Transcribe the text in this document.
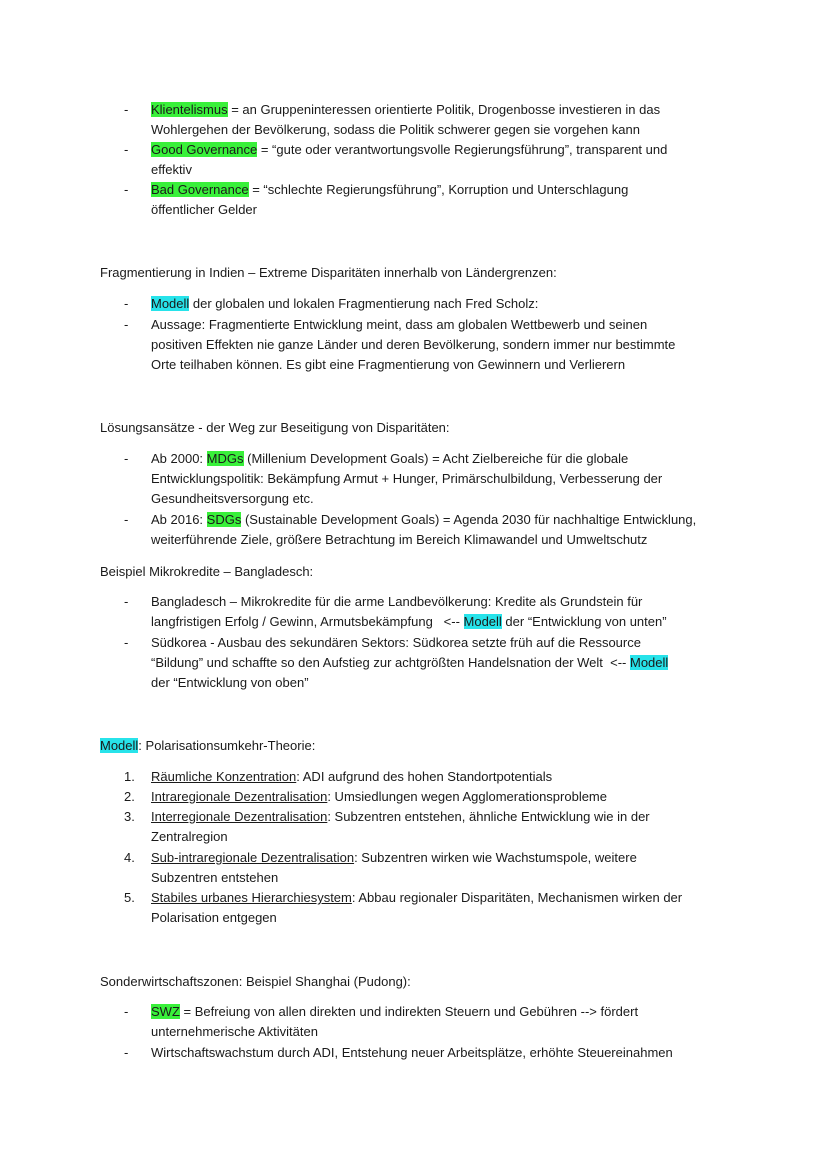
-	Klientelismus = an Gruppeninteressen orientierte Politik, Drogenbosse investieren in das
Wohlergehen der Bevölkerung, sodass die Politik schwerer gegen sie vorgehen kann
-	Good Governance = “gute oder verantwortungsvolle Regierungsführung”, transparent und
effektiv
-	Bad Governance = “schlechte Regierungsführung”, Korruption und Unterschlagung
öffentlicher Gelder
Fragmentierung in Indien – Extreme Disparitäten innerhalb von Ländergrenzen:
-	Modell der globalen und lokalen Fragmentierung nach Fred Scholz:
-	Aussage: Fragmentierte Entwicklung meint, dass am globalen Wettbewerb und seinen
positiven Effekten nie ganze Länder und deren Bevölkerung, sondern immer nur bestimmte
Orte teilhaben können. Es gibt eine Fragmentierung von Gewinnern und Verlierern
Lösungsansätze - der Weg zur Beseitigung von Disparitäten:
-	Ab 2000: MDGs (Millenium Development Goals) = Acht Zielbereiche für die globale
Entwicklungspolitik: Bekämpfung Armut + Hunger, Primärschulbildung, Verbesserung der
Gesundheitsversorgung etc.
-	Ab 2016: SDGs (Sustainable Development Goals) = Agenda 2030 für nachhaltige Entwicklung,
weiterführende Ziele, größere Betrachtung im Bereich Klimawandel und Umweltschutz
Beispiel Mikrokredite – Bangladesch:
-	Bangladesch – Mikrokredite für die arme Landbevölkerung: Kredite als Grundstein für
langfristigen Erfolg / Gewinn, Armutsbekämpfung   <-- Modell der “Entwicklung von unten”
-	Südkorea - Ausbau des sekundären Sektors: Südkorea setzte früh auf die Ressource
“Bildung” und schaffte so den Aufstieg zur achtgrößten Handelsnation der Welt  <-- Modell
der “Entwicklung von oben”
Modell: Polarisationsumkehr-Theorie:
1.	Räumliche Konzentration: ADI aufgrund des hohen Standortpotentials
2.	Intraregionale Dezentralisation: Umsiedlungen wegen Agglomerationsprobleme
3.	Interregionale Dezentralisation: Subzentren entstehen, ähnliche Entwicklung wie in der
Zentralregion
4.	Sub-intraregionale Dezentralisation: Subzentren wirken wie Wachstumspole, weitere
Subzentren entstehen
5.	Stabiles urbanes Hierarchiesystem: Abbau regionaler Disparitäten, Mechanismen wirken der
Polarisation entgegen
Sonderwirtschaftszonen: Beispiel Shanghai (Pudong):
-	SWZ = Befreiung von allen direkten und indirekten Steuern und Gebühren --> fördert
unternehmerische Aktivitäten
-	Wirtschaftswachstum durch ADI, Entstehung neuer Arbeitsplätze, erhöhte Steuereinahmen
